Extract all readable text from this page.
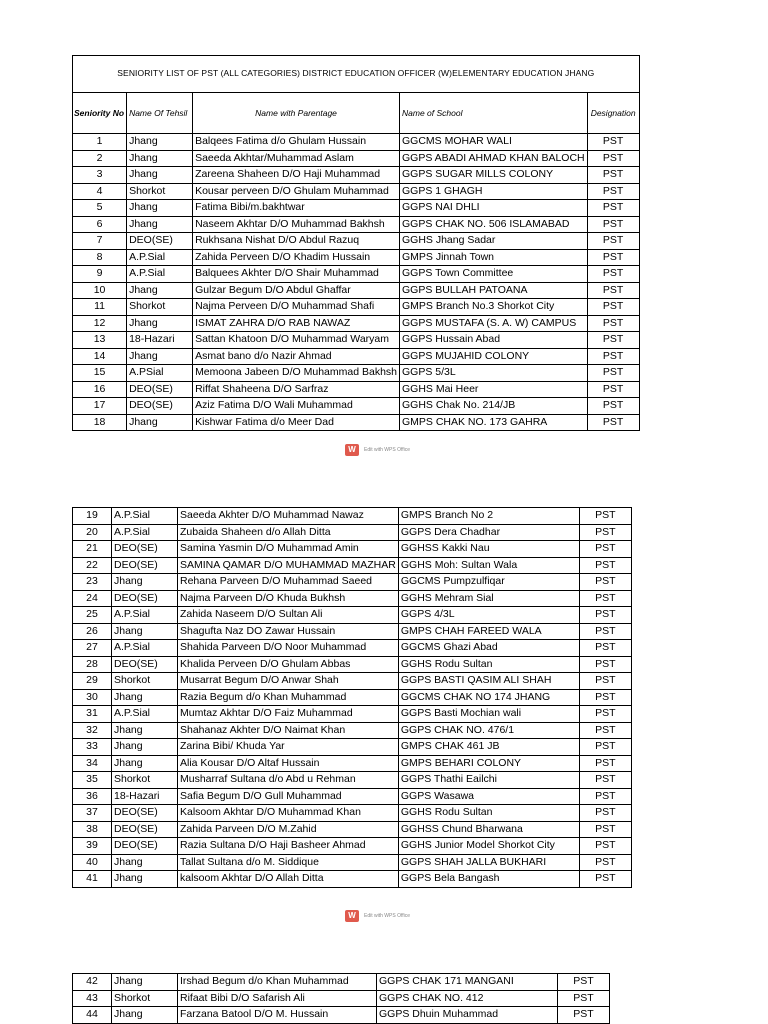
SENIORITY LIST OF PST (ALL CATEGORIES) DISTRICT EDUCATION OFFICER (W)ELEMENTARY EDUCATION JHANG				
Seniority No	Name Of Tehsil	Name with Parentage	Name of School	Designation
1	Jhang	Balqees Fatima d/o Ghulam Hussain	GGCMS MOHAR WALI	PST
2	Jhang	Saeeda Akhtar/Muhammad Aslam	GGPS ABADI AHMAD KHAN BALOCH	PST
3	Jhang	Zareena Shaheen D/O Haji Muhammad	GGPS SUGAR MILLS COLONY	PST
4	Shorkot	Kousar perveen D/O Ghulam Muhammad	GGPS 1 GHAGH	PST
5	Jhang	Fatima Bibi/m.bakhtwar	GGPS NAI DHLI	PST
6	Jhang	Naseem Akhtar D/O Muhammad Bakhsh	GGPS CHAK NO. 506 ISLAMABAD	PST
7	DEO(SE)	Rukhsana Nishat D/O Abdul Razuq	GGHS Jhang Sadar	PST
8	A.P.Sial	Zahida Perveen D/O Khadim Hussain	GMPS Jinnah Town	PST
9	A.P.Sial	Balquees Akhter D/O Shair Muhammad	GGPS Town Committee	PST
10	Jhang	Gulzar Begum D/O Abdul Ghaffar	GGPS BULLAH PATOANA	PST
11	Shorkot	Najma Perveen D/O Muhammad Shafi	GMPS Branch No.3 Shorkot City	PST
12	Jhang	ISMAT ZAHRA D/O RAB NAWAZ	GGPS MUSTAFA (S. A. W) CAMPUS	PST
13	18-Hazari	Sattan Khatoon D/O Muhammad Waryam	GGPS Hussain Abad	PST
14	Jhang	Asmat bano d/o Nazir Ahmad	GGPS MUJAHID COLONY	PST
15	A.PSial	Memoona Jabeen D/O Muhammad Bakhsh	GGPS 5/3L	PST
16	DEO(SE)	Riffat Shaheena D/O Sarfraz	GGHS Mai Heer	PST
17	DEO(SE)	Aziz Fatima D/O Wali Muhammad	GGHS Chak No. 214/JB	PST
18	Jhang	Kishwar Fatima d/o Meer Dad	GMPS CHAK NO. 173 GAHRA	PST
W	Edit with WPS Office
19	A.P.Sial	Saeeda Akhter D/O Muhammad Nawaz	GMPS Branch No 2	PST
20	A.P.Sial	Zubaida Shaheen d/o Allah Ditta	GGPS Dera Chadhar	PST
21	DEO(SE)	Samina Yasmin D/O Muhammad Amin	GGHSS Kakki Nau	PST
22	DEO(SE)	SAMINA QAMAR D/O MUHAMMAD MAZHAR	GGHS Moh: Sultan Wala	PST
23	Jhang	Rehana Parveen D/O Muhammad Saeed	GGCMS Pumpzulfiqar	PST
24	DEO(SE)	Najma Parveen D/O Khuda Bukhsh	GGHS Mehram Sial	PST
25	A.P.Sial	Zahida Naseem D/O Sultan Ali	GGPS 4/3L	PST
26	Jhang	Shagufta Naz DO Zawar Hussain	GMPS CHAH FAREED WALA	PST
27	A.P.Sial	Shahida Parveen D/O Noor Muhammad	GGCMS Ghazi Abad	PST
28	DEO(SE)	Khalida Perveen D/O Ghulam Abbas	GGHS Rodu Sultan	PST
29	Shorkot	Musarrat Begum D/O Anwar Shah	GGPS BASTI QASIM ALI SHAH	PST
30	Jhang	Razia Begum d/o Khan Muhammad	GGCMS CHAK NO 174 JHANG	PST
31	A.P.Sial	Mumtaz Akhtar D/O Faiz Muhammad	GGPS Basti Mochian wali	PST
32	Jhang	Shahanaz Akhter D/O Naimat Khan	GGPS CHAK NO. 476/1	PST
33	Jhang	Zarina Bibi/ Khuda Yar	GMPS CHAK 461 JB	PST
34	Jhang	Alia Kousar D/O Altaf Hussain	GMPS BEHARI COLONY	PST
35	Shorkot	Musharraf Sultana d/o Abd u Rehman	GGPS Thathi Eailchi	PST
36	18-Hazari	Safia Begum D/O Gull Muhammad	GGPS Wasawa	PST
37	DEO(SE)	Kalsoom Akhtar D/O Muhammad Khan	GGHS Rodu Sultan	PST
38	DEO(SE)	Zahida Parveen D/O M.Zahid	GGHSS Chund Bharwana	PST
39	DEO(SE)	Razia Sultana D/O Haji Basheer Ahmad	GGHS Junior Model Shorkot City	PST
40	Jhang	Tallat Sultana d/o M. Siddique	GGPS SHAH JALLA BUKHARI	PST
41	Jhang	kalsoom Akhtar D/O Allah Ditta	GGPS Bela Bangash	PST
W	Edit with WPS Office
42	Jhang	Irshad Begum d/o Khan Muhammad	GGPS CHAK 171 MANGANI	PST
43	Shorkot	Rifaat Bibi D/O Safarish Ali	GGPS CHAK NO. 412	PST
44	Jhang	Farzana Batool D/O M. Hussain	GGPS Dhuin Muhammad	PST
